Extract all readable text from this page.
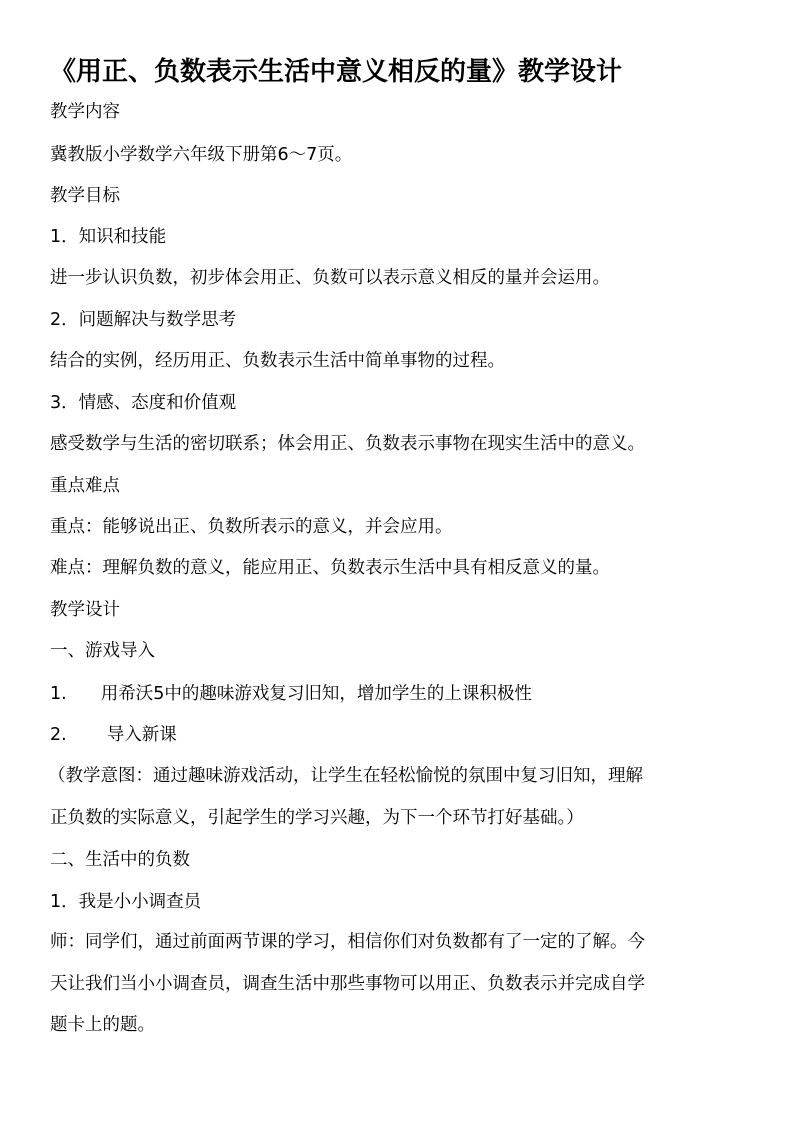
《用正、负数表示生活中意义相反的量》教学设计
教学内容
冀教版小学数学六年级下册第6～7页。
教学目标
1．知识和技能
进一步认识负数，初步体会用正、负数可以表示意义相反的量并会运用。
2．问题解决与数学思考
结合的实例，经历用正、负数表示生活中简单事物的过程。
3．情感、态度和价值观
感受数学与生活的密切联系；体会用正、负数表示事物在现实生活中的意义。
重点难点
重点：能够说出正、负数所表示的意义，并会应用。
难点：理解负数的意义，能应用正、负数表示生活中具有相反意义的量。
教学设计
一、游戏导入
1. 用希沃5中的趣味游戏复习旧知，增加学生的上课积极性
2. 导入新课
（教学意图：通过趣味游戏活动，让学生在轻松愉悦的氛围中复习旧知，理解
正负数的实际意义，引起学生的学习兴趣，为下一个环节打好基础。）
二、生活中的负数
1．我是小小调查员
师：同学们，通过前面两节课的学习，相信你们对负数都有了一定的了解。今
天让我们当小小调查员，调查生活中那些事物可以用正、负数表示并完成自学
题卡上的题。
